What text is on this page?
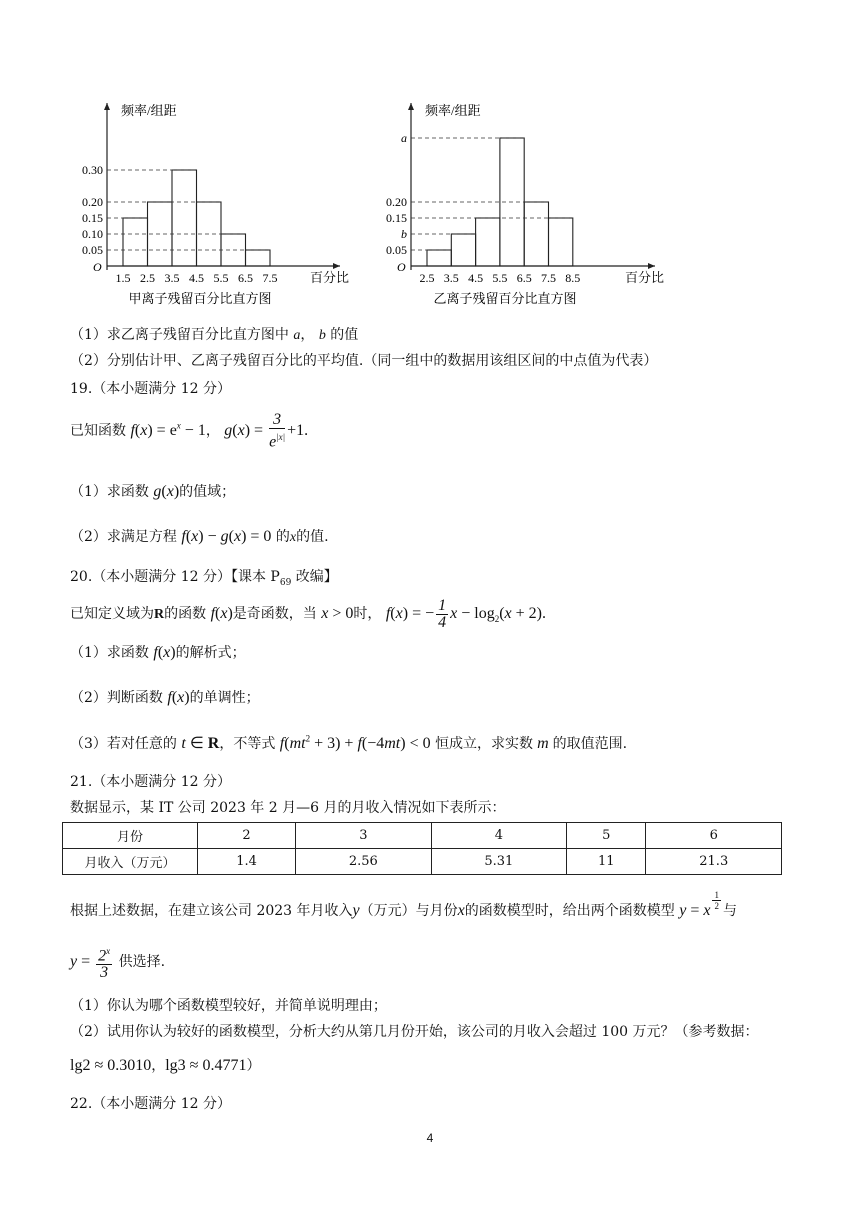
频率/组距
O
0.30
0.20
0.15
0.10
0.05
1.5 2.5 3.5 4.5 5.5 6.5 7.5	百分比
甲离子残留百分比直方图
频率/组距
O
a
0.20
0.15
b
0.05
2.5 3.5 4.5 5.5 6.5 7.5 8.5	百分比
乙离子残留百分比直方图
（1）求乙离子残留百分比直方图中 a， b 的值
（2）分别估计甲、乙离子残留百分比的平均值.（同一组中的数据用该组区间的中点值为代表）
19.（本小题满分 12 分）
已知函数 $f(x) = e^x - 1$， $g(x) = \frac{3}{e^{|x|}} +1$.
（1）求函数 g(x)的值域；
（2）求满足方程 f(x) − g(x) = 0 的x的值.
20.（本小题满分 12 分）【课本 $P_{69}$ 改编】
已知定义域为R的函数 f(x)是奇函数，当 x > 0时， f(x) = − $\frac{1}{4}$ $x - \log_2(x + 2)$.
（1）求函数 f(x)的解析式；
（2）判断函数 f(x)的单调性；
（3）若对任意的 t ∈ R，不等式 $f(mt^2 + 3) + f(-4mt) < 0$ 恒成立，求实数 m 的取值范围.
21.（本小题满分 12 分）
数据显示，某 IT 公司 2023 年 2 月—6 月的月收入情况如下表所示：
月份	2	3	4	5	6
月收入（万元）	1.4	2.56	5.31	11	21.3
根据上述数据，在建立该公司 2023 年月收入y（万元）与月份x的函数模型时，给出两个函数模型 y = x $^{\frac{1}{2}}$ 与
$y = \frac{2^x}{3}$ 供选择.
（1）你认为哪个函数模型较好，并简单说明理由；
（2）试用你认为较好的函数模型，分析大约从第几月份开始，该公司的月收入会超过 100 万元？（参考数据：
lg2 ≈ 0.3010，lg3 ≈ 0.4771）
22.（本小题满分 12 分）
4
